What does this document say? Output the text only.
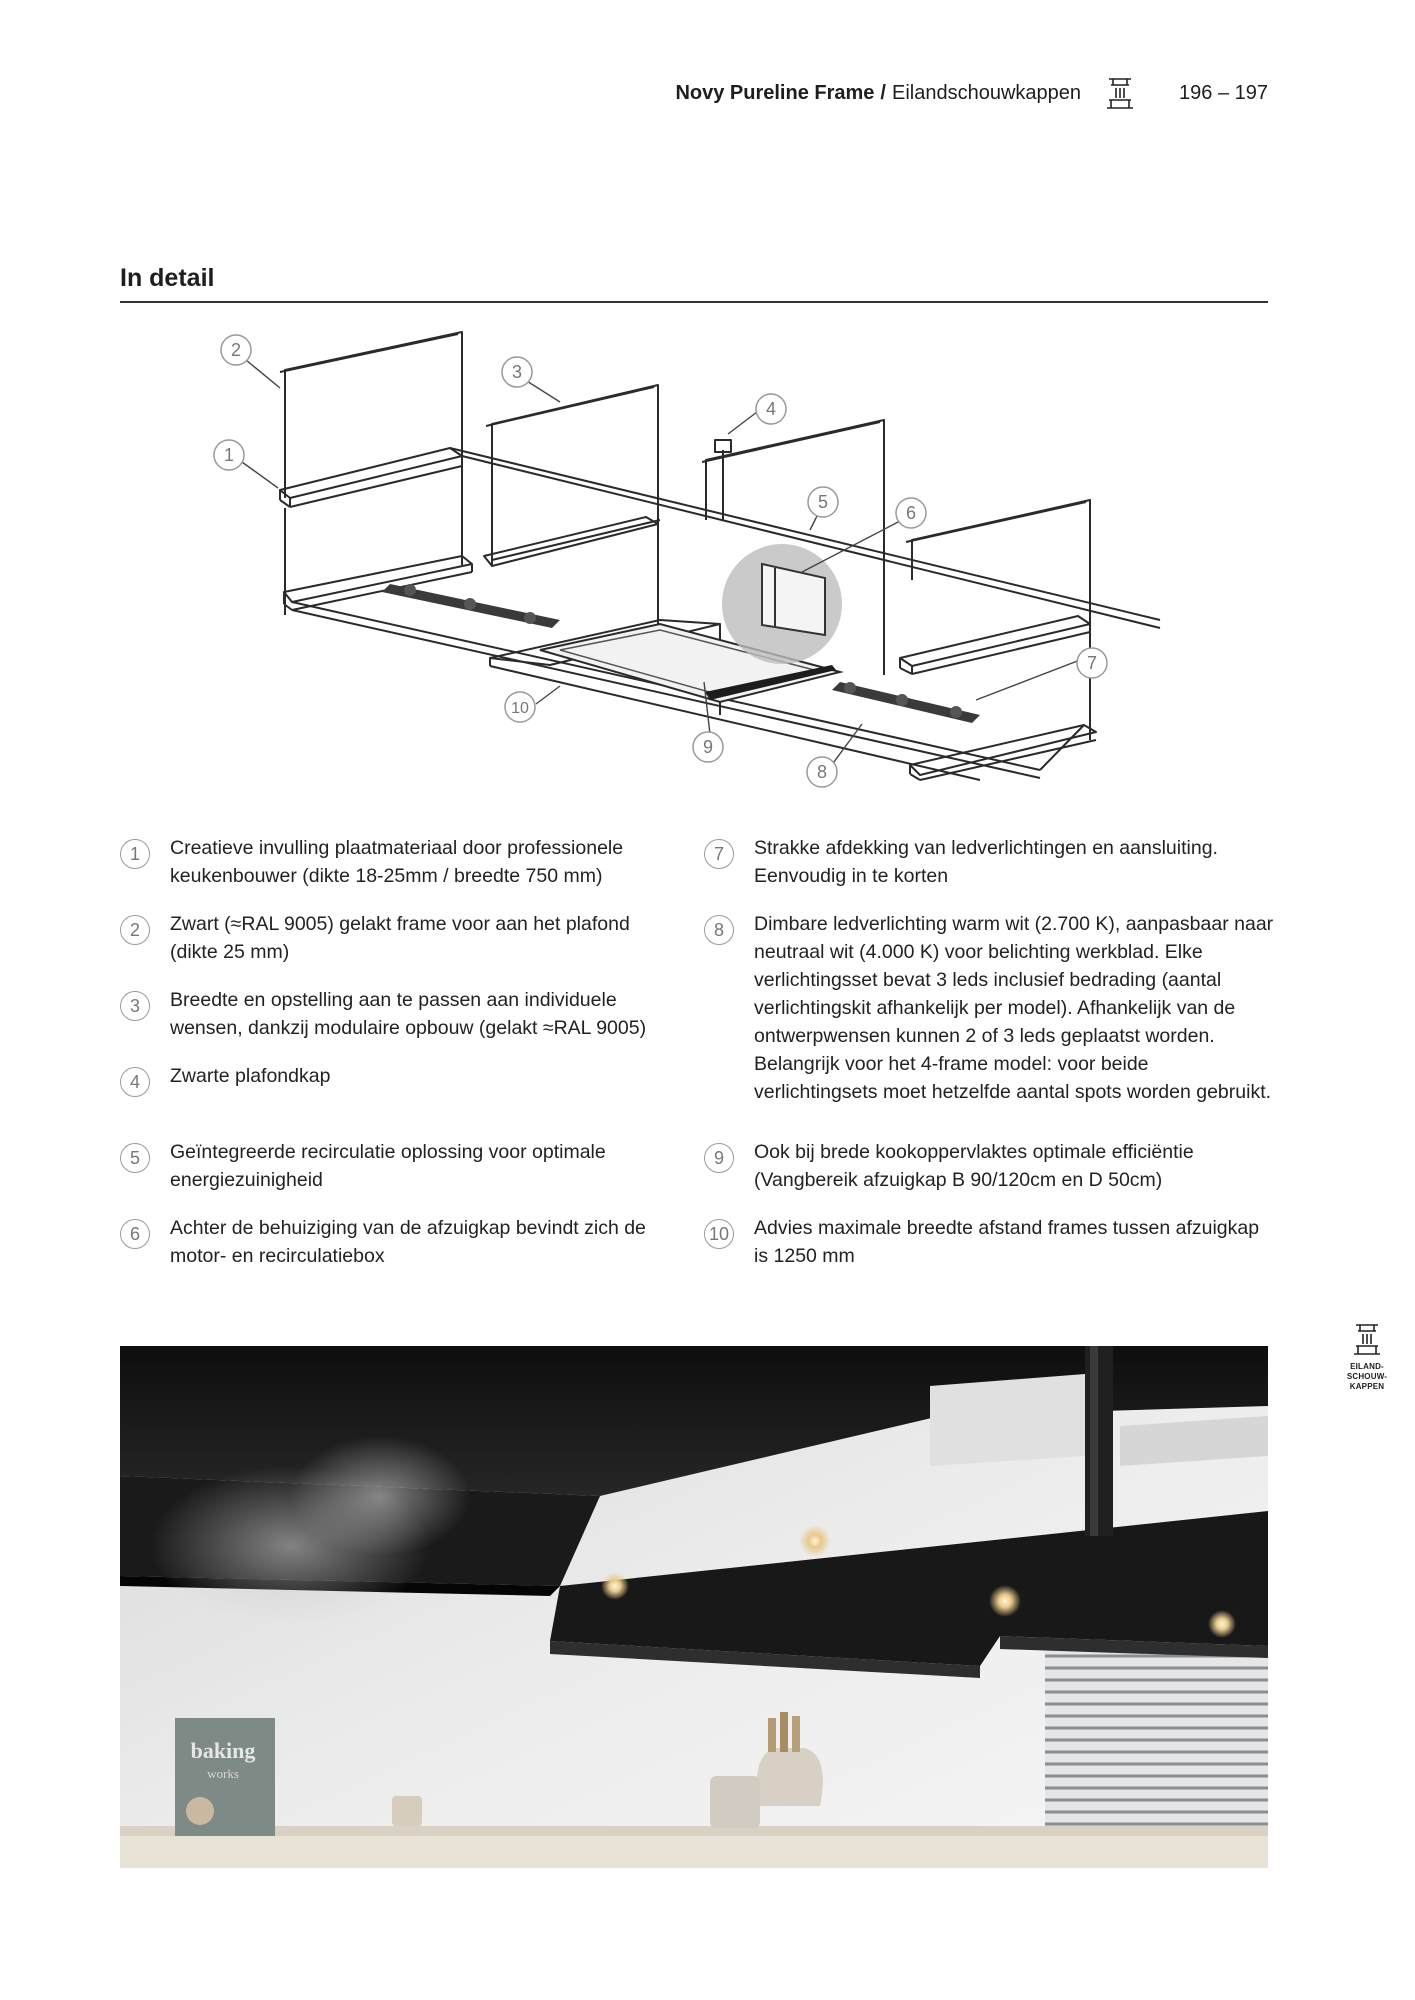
Novy Pureline Frame / Eilandschouwkappen	196 – 197
In detail
2
1
3
4
5
6
7
8
9
10
1	Creatieve invulling plaatmateriaal door professionele keukenbouwer (dikte 18-25mm / breedte 750 mm)
2	Zwart (≈RAL 9005) gelakt frame voor aan het plafond (dikte 25 mm)
3	Breedte en opstelling aan te passen aan individuele wensen, dankzij modulaire opbouw (gelakt ≈RAL 9005)
4	Zwarte plafondkap
5	Geïntegreerde recirculatie oplossing voor optimale energiezuinigheid
6	Achter de behuiziging van de afzuigkap bevindt zich de motor- en recirculatiebox
7	Strakke afdekking van ledverlichtingen en aansluiting. Eenvoudig in te korten
8	Dimbare ledverlichting warm wit (2.700 K), aanpasbaar naar neutraal wit (4.000 K) voor belichting werkblad. Elke verlichtingsset bevat 3 leds inclusief bedrading (aantal verlichtingskit afhankelijk per model). Afhankelijk van de ontwerpwensen kunnen 2 of 3 leds geplaatst worden. Belangrijk voor het 4-frame model: voor beide verlichtingsets moet hetzelfde aantal spots worden gebruikt.
9	Ook bij brede kookoppervlaktes optimale efficiëntie (Vangbereik afzuigkap B 90/120cm en D 50cm)
10 Advies maximale breedte afstand frames tussen afzuigkap is 1250 mm
EILAND-
SCHOUW-
KAPPEN
baking
works
